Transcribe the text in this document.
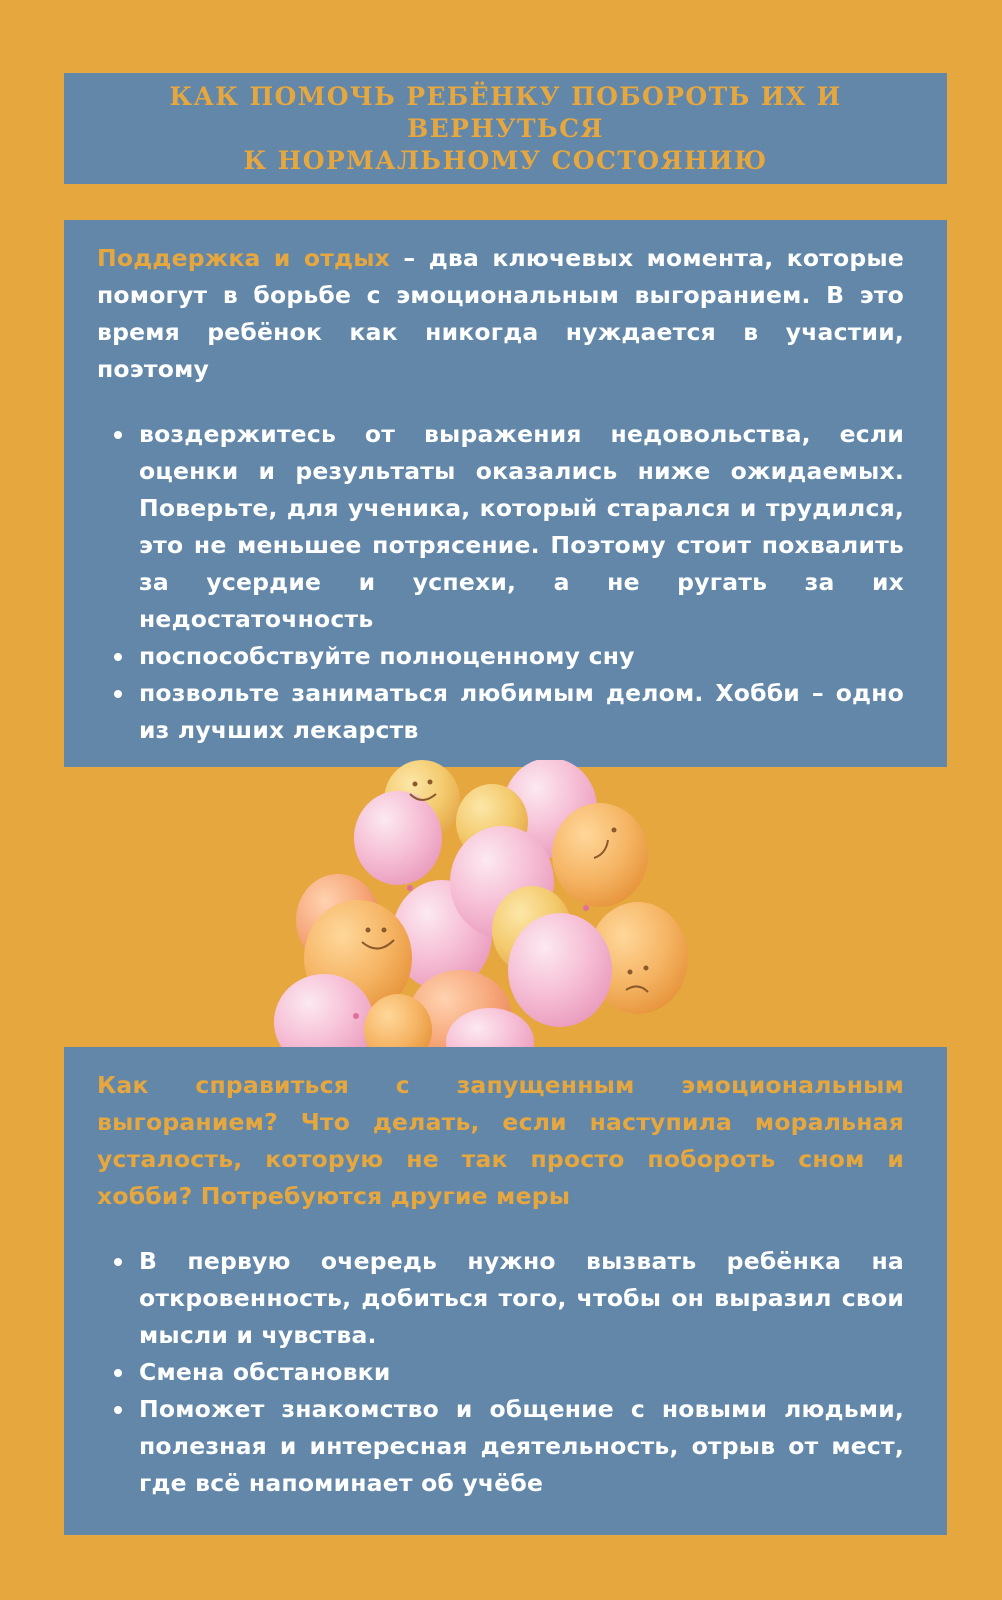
КАК ПОМОЧЬ РЕБЁНКУ ПОБОРОТЬ ИХ И ВЕРНУТЬСЯ
К НОРМАЛЬНОМУ СОСТОЯНИЮ

Поддержка и отдых – два ключевых момента, которые помогут в борьбе с эмоциональным выгоранием. В это время ребёнок как никогда нуждается в участии, поэтому

воздержитесь от выражения недовольства, если оценки и результаты оказались ниже ожидаемых. Поверьте, для ученика, который старался и трудился, это не меньшее потрясение. Поэтому стоит похвалить за усердие и успехи, а не ругать за их недостаточность
поспособствуйте полноценному сну
позвольте заниматься любимым делом. Хобби – одно из лучших лекарств

Как справиться с запущенным эмоциональным выгоранием? Что делать, если наступила моральная усталость, которую не так просто побороть сном и хобби? Потребуются другие меры

В первую очередь нужно вызвать ребёнка на откровенность, добиться того, чтобы он выразил свои мысли и чувства.
Смена обстановки
Поможет знакомство и общение с новыми людьми, полезная и интересная деятельность, отрыв от мест, где всё напоминает об учёбе
